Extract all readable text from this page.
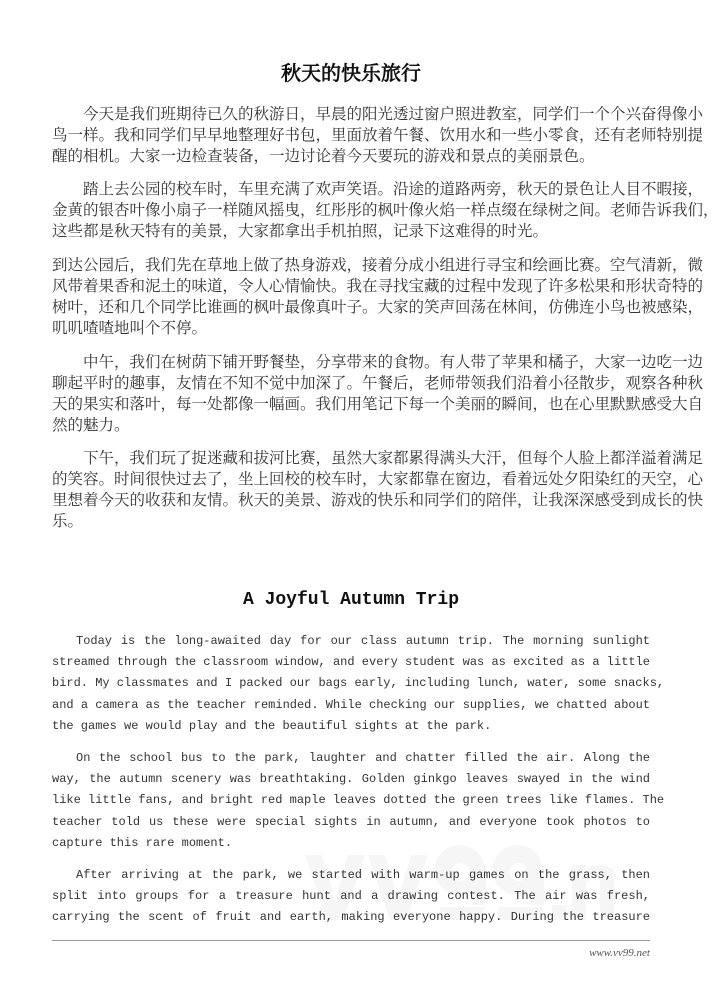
秋天的快乐旅行
今天是我们班期待已久的秋游日，早晨的阳光透过窗户照进教室，同学们一个个兴奋得像小
鸟一样。我和同学们早早地整理好书包，里面放着午餐、饮用水和一些小零食，还有老师特别提
醒的相机。大家一边检查装备，一边讨论着今天要玩的游戏和景点的美丽景色。
踏上去公园的校车时，车里充满了欢声笑语。沿途的道路两旁，秋天的景色让人目不暇接，
金黄的银杏叶像小扇子一样随风摇曳，红彤彤的枫叶像火焰一样点缀在绿树之间。老师告诉我们，
这些都是秋天特有的美景，大家都拿出手机拍照，记录下这难得的时光。
到达公园后，我们先在草地上做了热身游戏，接着分成小组进行寻宝和绘画比赛。空气清新，微
风带着果香和泥土的味道，令人心情愉快。我在寻找宝藏的过程中发现了许多松果和形状奇特的
树叶，还和几个同学比谁画的枫叶最像真叶子。大家的笑声回荡在林间，仿佛连小鸟也被感染，
叽叽喳喳地叫个不停。
中午，我们在树荫下铺开野餐垫，分享带来的食物。有人带了苹果和橘子，大家一边吃一边
聊起平时的趣事，友情在不知不觉中加深了。午餐后，老师带领我们沿着小径散步，观察各种秋
天的果实和落叶，每一处都像一幅画。我们用笔记下每一个美丽的瞬间，也在心里默默感受大自
然的魅力。
下午，我们玩了捉迷藏和拔河比赛，虽然大家都累得满头大汗，但每个人脸上都洋溢着满足
的笑容。时间很快过去了，坐上回校的校车时，大家都靠在窗边，看着远处夕阳染红的天空，心
里想着今天的收获和友情。秋天的美景、游戏的快乐和同学们的陪伴，让我深深感受到成长的快
乐。
A Joyful Autumn Trip
Today is the long-awaited day for our class autumn trip. The morning sunlight
streamed through the classroom window, and every student was as excited as a little
bird. My classmates and I packed our bags early, including lunch, water, some snacks,
and a camera as the teacher reminded. While checking our supplies, we chatted about
the games we would play and the beautiful sights at the park.
On the school bus to the park, laughter and chatter filled the air. Along the
way, the autumn scenery was breathtaking. Golden ginkgo leaves swayed in the wind
like little fans, and bright red maple leaves dotted the green trees like flames. The
teacher told us these were special sights in autumn, and everyone took photos to
capture this rare moment.
After arriving at the park, we started with warm-up games on the grass, then
split into groups for a treasure hunt and a drawing contest. The air was fresh,
carrying the scent of fruit and earth, making everyone happy. During the treasure
www.vv99.net
